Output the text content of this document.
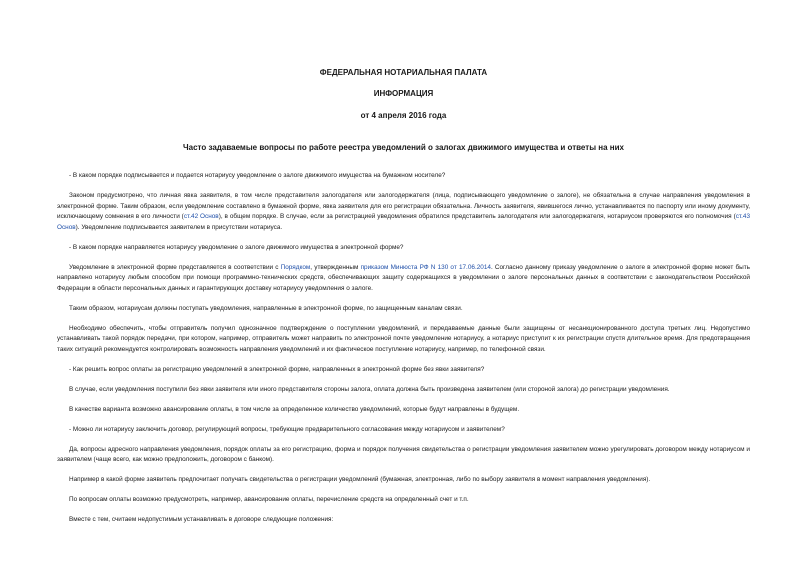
ФЕДЕРАЛЬНАЯ НОТАРИАЛЬНАЯ ПАЛАТА
ИНФОРМАЦИЯ
от 4 апреля 2016 года
Часто задаваемые вопросы по работе реестра уведомлений о залогах движимого имущества и ответы на них

- В каком порядке подписывается и подается нотариусу уведомление о залоге движимого имущества на бумажном носителе?

Законом предусмотрено, что личная явка заявителя, в том числе представителя залогодателя или залогодержателя (лица, подписывающего уведомление о залоге), не обязательна в случае направления уведомления в электронной форме. Таким образом, если уведомление составлено в бумажной форме, явка заявителя для его регистрации обязательна. Личность заявителя, явившегося лично, устанавливается по паспорту или иному документу, исключающему сомнения в его личности (ст.42 Основ), в общем порядке. В случае, если за регистрацией уведомления обратился представитель залогодателя или залогодержателя, нотариусом проверяются его полномочия (ст.43 Основ). Уведомление подписывается заявителем в присутствии нотариуса.

- В каком порядке направляется нотариусу уведомление о залоге движимого имущества в электронной форме?

Уведомление в электронной форме представляется в соответствии с Порядком, утвержденным приказом Минюста РФ N 130 от 17.06.2014. Согласно данному приказу уведомление о залоге в электронной форме может быть направлено нотариусу любым способом при помощи программно-технических средств, обеспечивающих защиту содержащихся в уведомлении о залоге персональных данных в соответствии с законодательством Российской Федерации в области персональных данных и гарантирующих доставку нотариусу уведомления о залоге.

Таким образом, нотариусам должны поступать уведомления, направленные в электронной форме, по защищенным каналам связи.

Необходимо обеспечить, чтобы отправитель получил однозначное подтверждение о поступлении уведомлений, и передаваемые данные были защищены от несанкционированного доступа третьих лиц. Недопустимо устанавливать такой порядок передачи, при котором, например, отправитель может направить по электронной почте уведомление нотариусу, а нотариус приступит к их регистрации спустя длительное время. Для предотвращения таких ситуаций рекомендуется контролировать возможность направления уведомлений и их фактическое поступление нотариусу, например, по телефонной связи.

- Как решить вопрос оплаты за регистрацию уведомлений в электронной форме, направленных в электронной форме без явки заявителя?

В случае, если уведомления поступили без явки заявителя или иного представителя стороны залога, оплата должна быть произведена заявителем (или стороной залога) до регистрации уведомления.

В качестве варианта возможно авансирование оплаты, в том числе за определенное количество уведомлений, которые будут направлены в будущем.

- Можно ли нотариусу заключить договор, регулирующий вопросы, требующие предварительного согласования между нотариусом и заявителем?

Да, вопросы адресного направления уведомления, порядок оплаты за его регистрацию, форма и порядок получения свидетельства о регистрации уведомления заявителем можно урегулировать договором между нотариусом и заявителем (чаще всего, как можно предположить, договором с банком).

Например в какой форме заявитель предпочитает получать свидетельства о регистрации уведомлений (бумажная, электронная, либо по выбору заявителя в момент направления уведомления).

По вопросам оплаты возможно предусмотреть, например, авансирование оплаты, перечисление средств на определенный счет и т.п.

Вместе с тем, считаем недопустимым устанавливать в договоре следующие положения:
